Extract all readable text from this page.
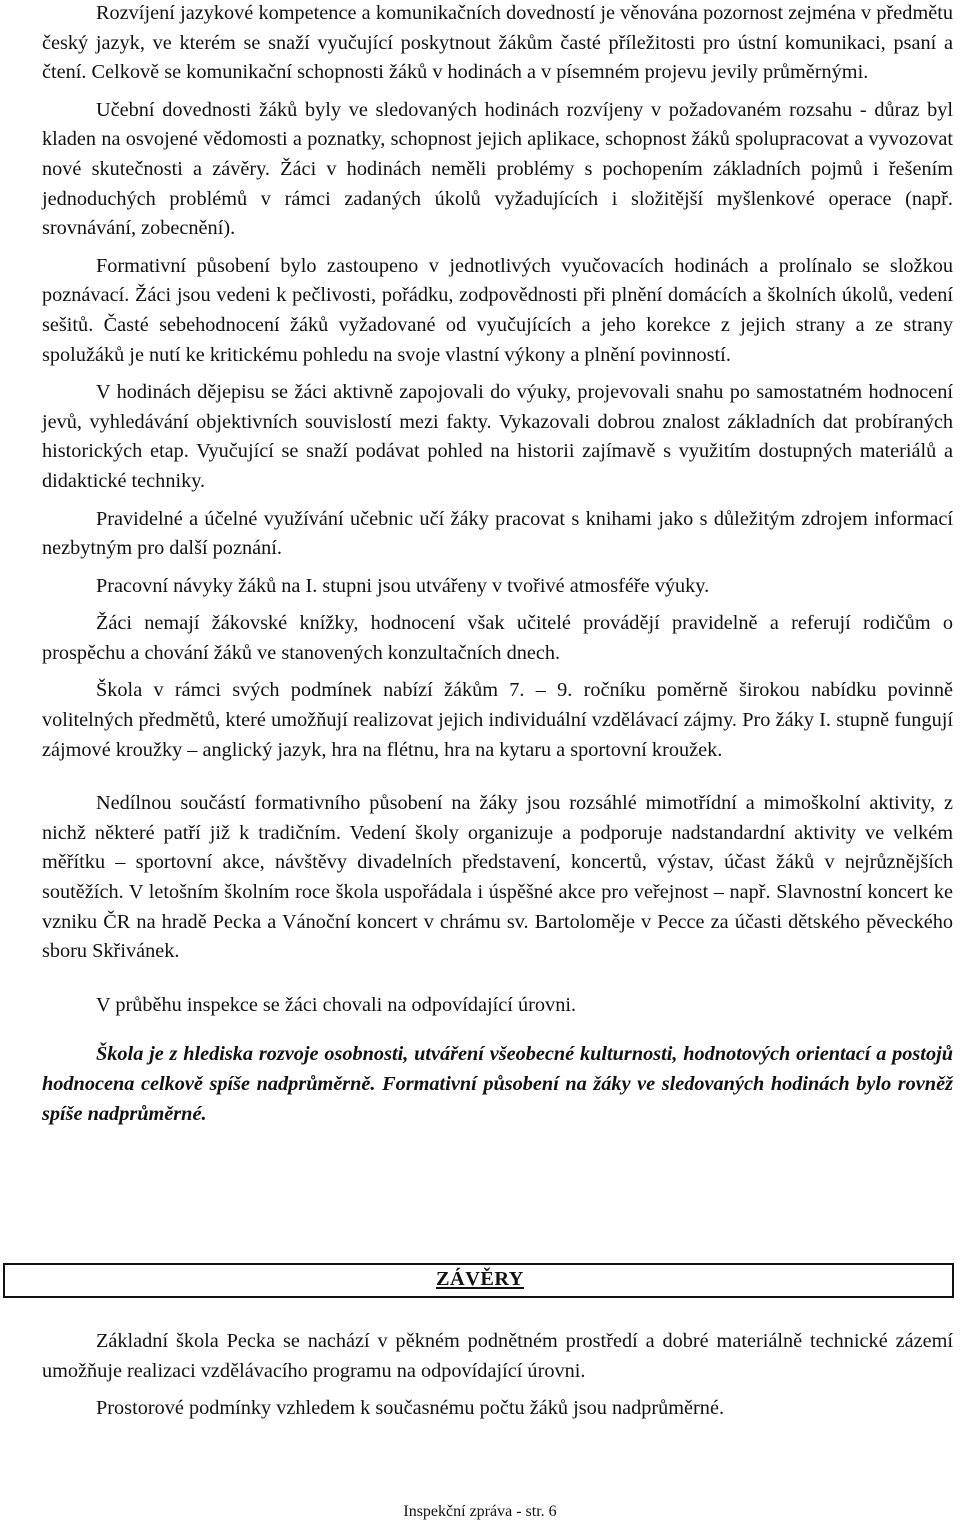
Rozvíjení jazykové kompetence a komunikačních dovedností je věnována pozornost zejména v předmětu český jazyk, ve kterém se snaží vyučující poskytnout žákům časté příležitosti pro ústní komunikaci, psaní a čtení. Celkově se komunikační schopnosti žáků v hodinách a v písemném projevu jevily průměrnými.

Učební dovednosti žáků byly ve sledovaných hodinách rozvíjeny v požadovaném rozsahu - důraz byl kladen na osvojené vědomosti a poznatky, schopnost jejich aplikace, schopnost žáků spolupracovat a vyvozovat nové skutečnosti a závěry. Žáci v hodinách neměli problémy s pochopením základních pojmů i řešením jednoduchých problémů v rámci zadaných úkolů vyžadujících i složitější myšlenkové operace (např. srovnávání, zobecnění).

Formativní působení bylo zastoupeno v jednotlivých vyučovacích hodinách a prolínalo se složkou poznávací. Žáci jsou vedeni k pečlivosti, pořádku, zodpovědnosti při plnění domácích a školních úkolů, vedení sešitů. Časté sebehodnocení žáků vyžadované od vyučujících a jeho korekce z jejich strany a ze strany spolužáků je nutí ke kritickému pohledu na svoje vlastní výkony a plnění povinností.

V hodinách dějepisu se žáci aktivně zapojovali do výuky, projevovali snahu po samostatném hodnocení jevů, vyhledávání objektivních souvislostí mezi fakty. Vykazovali dobrou znalost základních dat probíraných historických etap. Vyučující se snaží podávat pohled na historii zajímavě s využitím dostupných materiálů a didaktické techniky.

Pravidelné a účelné využívání učebnic učí žáky pracovat s knihami jako s důležitým zdrojem informací nezbytným pro další poznání.

Pracovní návyky žáků na I. stupni jsou utvářeny v tvořivé atmosféře výuky.

Žáci nemají žákovské knížky, hodnocení však učitelé provádějí pravidelně a referují rodičům o prospěchu a chování žáků ve stanovených konzultačních dnech.

Škola v rámci svých podmínek nabízí žákům 7. – 9. ročníku poměrně širokou nabídku povinně volitelných předmětů, které umožňují realizovat jejich individuální vzdělávací zájmy. Pro žáky I. stupně fungují zájmové kroužky – anglický jazyk, hra na flétnu, hra na kytaru a sportovní kroužek.

Nedílnou součástí formativního působení na žáky jsou rozsáhlé mimotřídní a mimoškolní aktivity, z nichž některé patří již k tradičním. Vedení školy organizuje a podporuje nadstandardní aktivity ve velkém měřítku – sportovní akce, návštěvy divadelních představení, koncertů, výstav, účast žáků v nejrůznějších soutěžích. V letošním školním roce škola uspořádala i úspěšné akce pro veřejnost – např. Slavnostní koncert ke vzniku ČR na hradě Pecka a Vánoční koncert v chrámu sv. Bartoloměje v Pecce za účasti dětského pěveckého sboru Skřivánek.

V průběhu inspekce se žáci chovali na odpovídající úrovni.

Škola je z hlediska rozvoje osobnosti, utváření všeobecné kulturnosti, hodnotových orientací a postojů hodnocena celkově spíše nadprůměrně. Formativní působení na žáky ve sledovaných hodinách bylo rovněž spíše nadprůměrné.

ZÁVĚRY

Základní škola Pecka se nachází v pěkném podnětném prostředí a dobré materiálně technické zázemí umožňuje realizaci vzdělávacího programu na odpovídající úrovni.

Prostorové podmínky vzhledem k současnému počtu žáků jsou nadprůměrné.

Inspekční zpráva - str. 6
